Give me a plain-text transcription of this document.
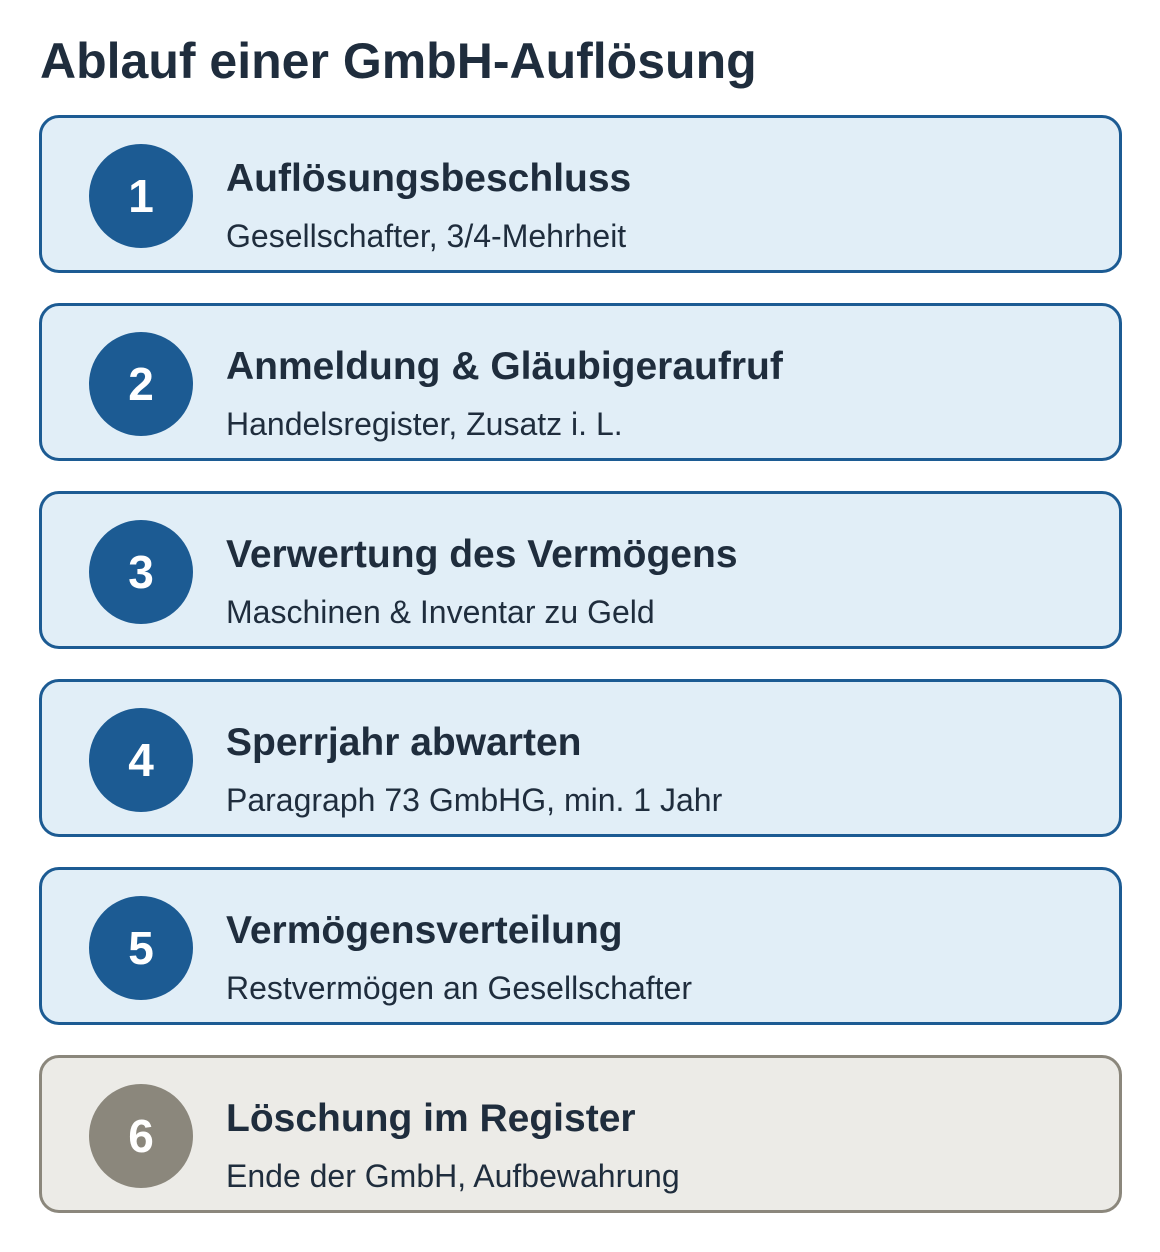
Ablauf einer GmbH-Auflösung
1	Auflösungsbeschluss
Gesellschafter, 3/4-Mehrheit
2	Anmeldung & Gläubigeraufruf
Handelsregister, Zusatz i. L.
3	Verwertung des Vermögens
Maschinen & Inventar zu Geld
4	Sperrjahr abwarten
Paragraph 73 GmbHG, min. 1 Jahr
5	Vermögensverteilung
Restvermögen an Gesellschafter
6	Löschung im Register
Ende der GmbH, Aufbewahrung
